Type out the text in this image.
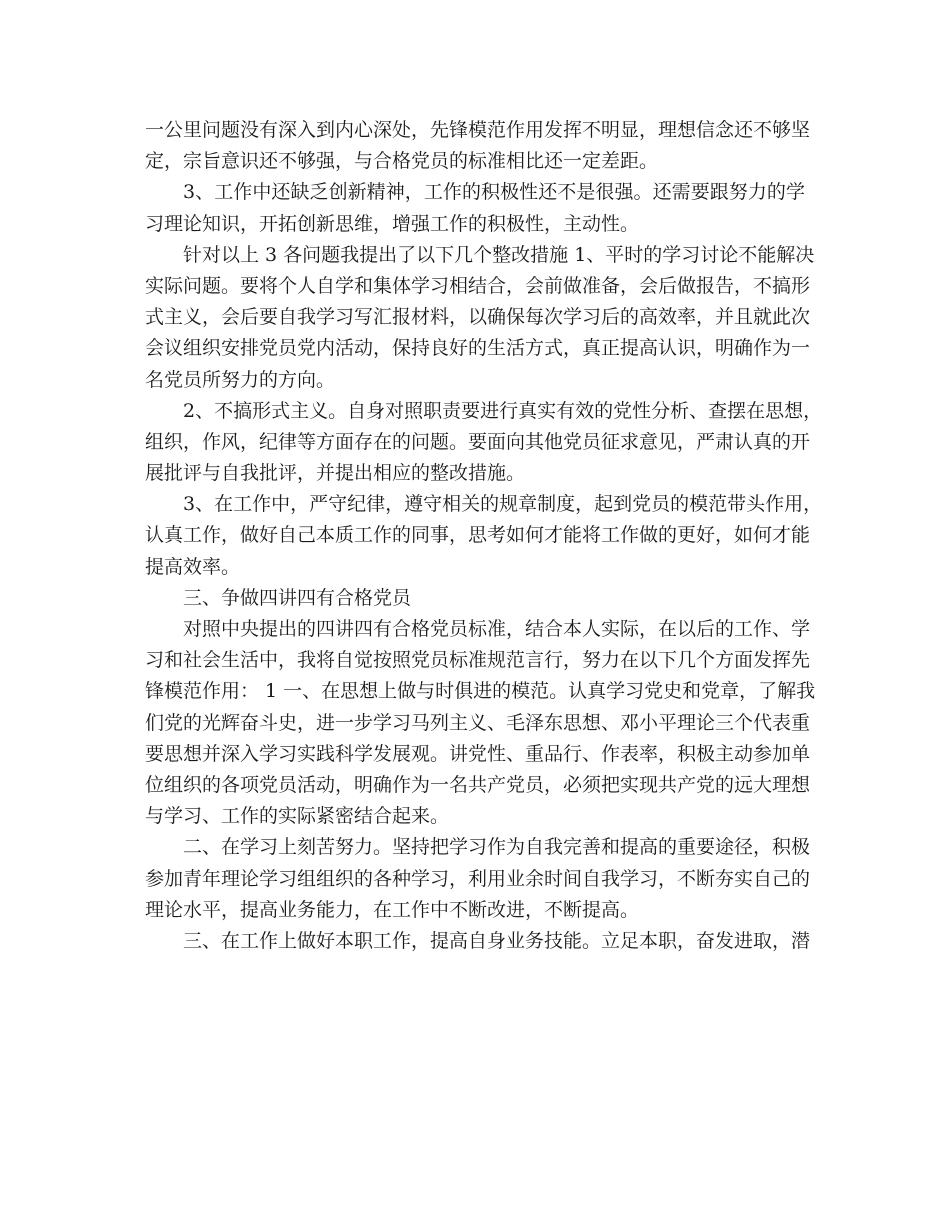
一公里问题没有深入到内心深处，先锋模范作用发挥不明显，理想信念还不够坚
定，宗旨意识还不够强，与合格党员的标准相比还一定差距。
3、工作中还缺乏创新精神，工作的积极性还不是很强。还需要跟努力的学
习理论知识，开拓创新思维，增强工作的积极性，主动性。
针对以上 3 各问题我提出了以下几个整改措施 1、平时的学习讨论不能解决
实际问题。要将个人自学和集体学习相结合，会前做准备，会后做报告，不搞形
式主义，会后要自我学习写汇报材料，以确保每次学习后的高效率，并且就此次
会议组织安排党员党内活动，保持良好的生活方式，真正提高认识，明确作为一
名党员所努力的方向。
2、不搞形式主义。自身对照职责要进行真实有效的党性分析、查摆在思想，
组织，作风，纪律等方面存在的问题。要面向其他党员征求意见，严肃认真的开
展批评与自我批评，并提出相应的整改措施。
3、在工作中，严守纪律，遵守相关的规章制度，起到党员的模范带头作用，
认真工作，做好自己本质工作的同事，思考如何才能将工作做的更好，如何才能
提高效率。
三、争做四讲四有合格党员
对照中央提出的四讲四有合格党员标准，结合本人实际，在以后的工作、学
习和社会生活中，我将自觉按照党员标准规范言行，努力在以下几个方面发挥先
锋模范作用： 1 一、在思想上做与时俱进的模范。认真学习党史和党章，了解我
们党的光辉奋斗史，进一步学习马列主义、毛泽东思想、邓小平理论三个代表重
要思想并深入学习实践科学发展观。讲党性、重品行、作表率，积极主动参加单
位组织的各项党员活动，明确作为一名共产党员，必须把实现共产党的远大理想
与学习、工作的实际紧密结合起来。
二、在学习上刻苦努力。坚持把学习作为自我完善和提高的重要途径，积极
参加青年理论学习组组织的各种学习，利用业余时间自我学习，不断夯实自己的
理论水平，提高业务能力，在工作中不断改进，不断提高。
三、在工作上做好本职工作，提高自身业务技能。立足本职，奋发进取，潜
